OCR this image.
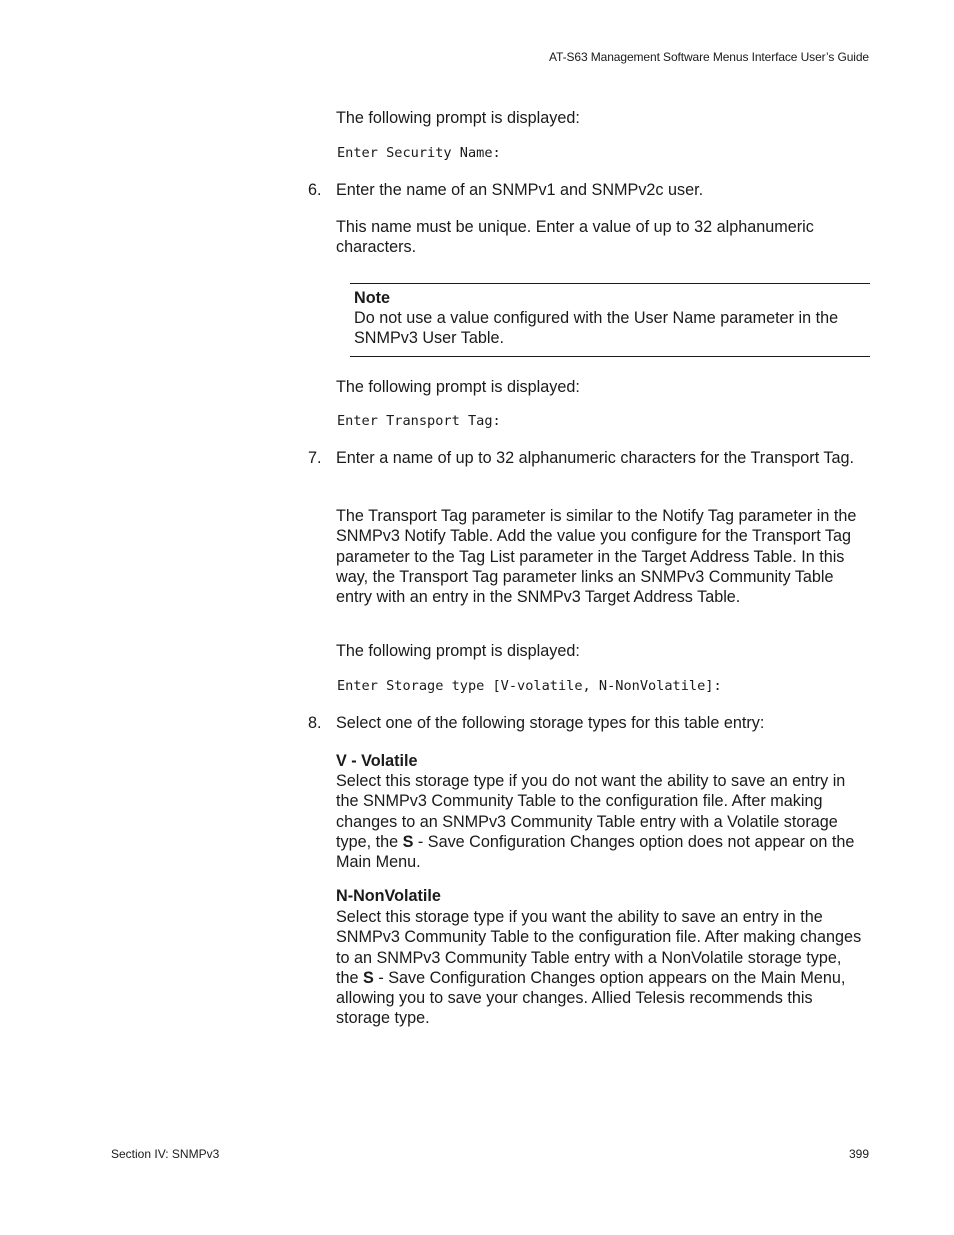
AT-S63 Management Software Menus Interface User’s Guide

The following prompt is displayed:

Enter Security Name:
6. Enter the name of an SNMPv1 and SNMPv2c user.

This name must be unique. Enter a value of up to 32 alphanumeric characters.

Note
Do not use a value configured with the User Name parameter in the SNMPv3 User Table.

The following prompt is displayed:

Enter Transport Tag:
7. Enter a name of up to 32 alphanumeric characters for the Transport Tag.

The Transport Tag parameter is similar to the Notify Tag parameter in the SNMPv3 Notify Table. Add the value you configure for the Transport Tag parameter to the Tag List parameter in the Target Address Table. In this way, the Transport Tag parameter links an SNMPv3 Community Table entry with an entry in the SNMPv3 Target Address Table.

The following prompt is displayed:

Enter Storage type [V-volatile, N-NonVolatile]:
8. Select one of the following storage types for this table entry:

V - Volatile

Select this storage type if you do not want the ability to save an entry in the SNMPv3 Community Table to the configuration file. After making changes to an SNMPv3 Community Table entry with a Volatile storage type, the S - Save Configuration Changes option does not appear on the Main Menu.

N-NonVolatile

Select this storage type if you want the ability to save an entry in the SNMPv3 Community Table to the configuration file. After making changes to an SNMPv3 Community Table entry with a NonVolatile storage type, the S - Save Configuration Changes option appears on the Main Menu, allowing you to save your changes. Allied Telesis recommends this storage type.

Section IV: SNMPv3	399
